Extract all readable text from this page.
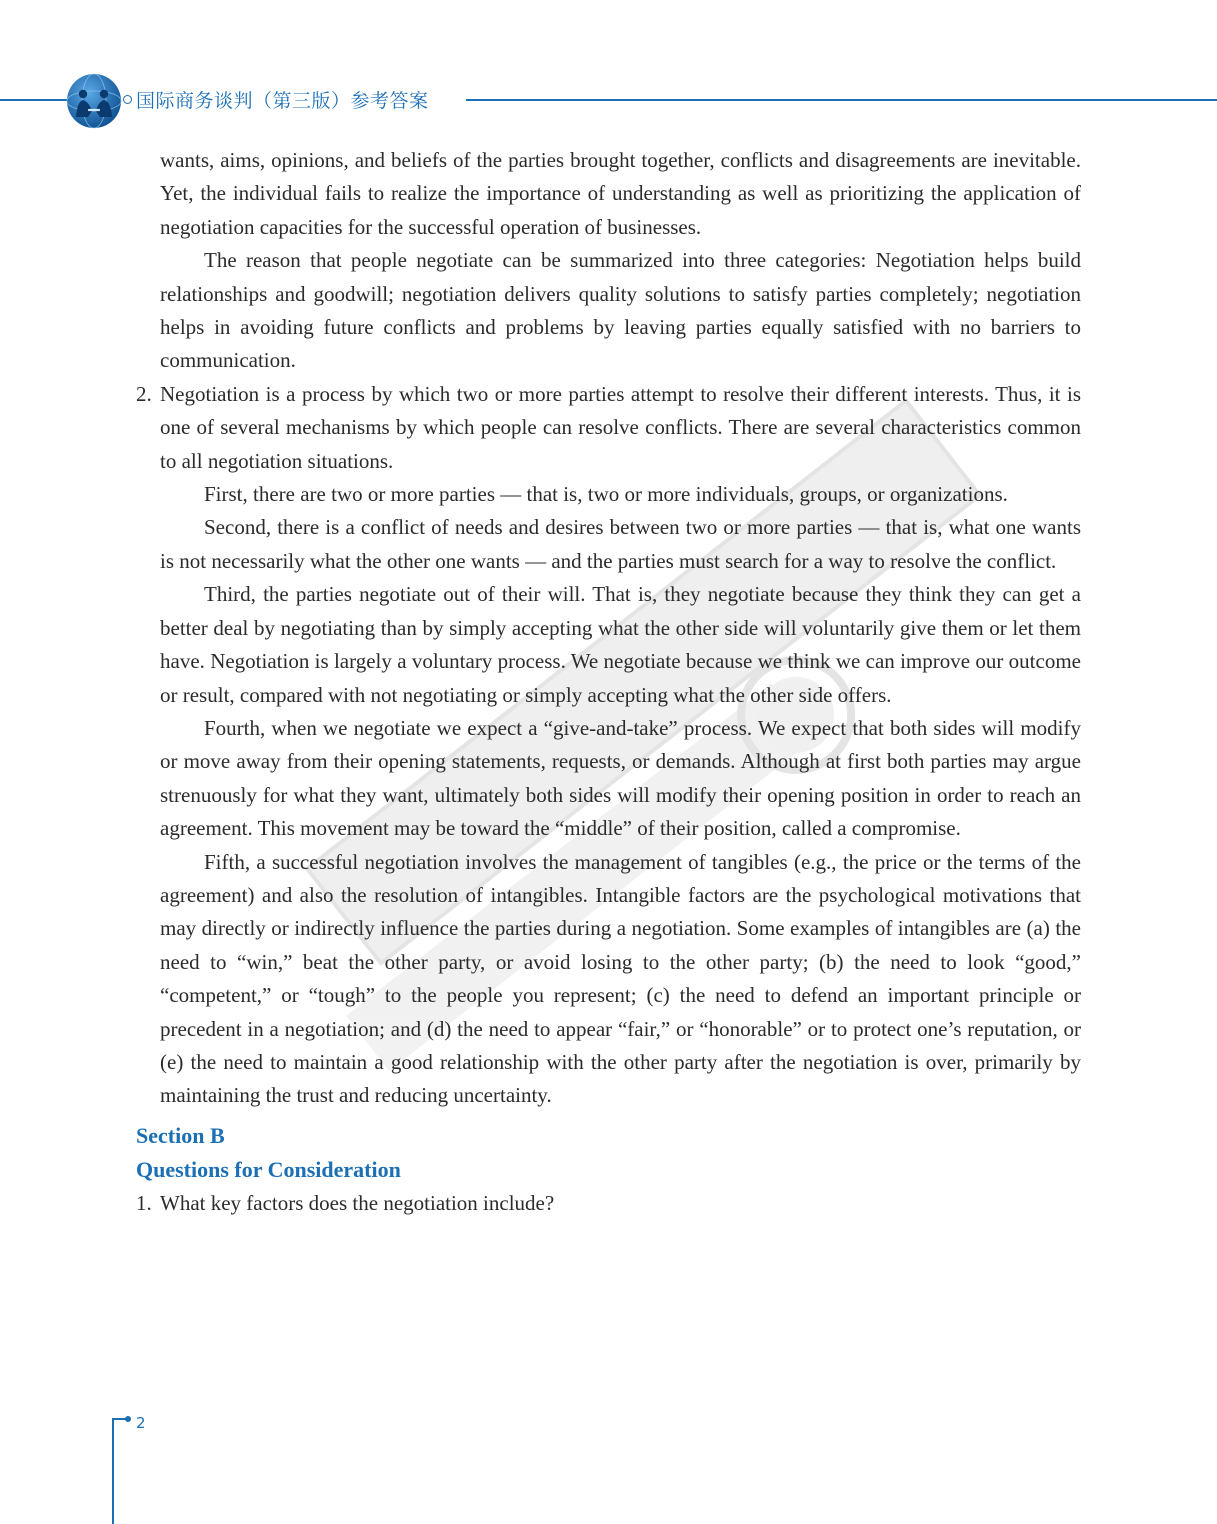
国际商务谈判（第三版）参考答案

wants, aims, opinions, and beliefs of the parties brought together, conflicts and disagreements are inevitable. Yet, the individual fails to realize the importance of understanding as well as prioritizing the application of negotiation capacities for the successful operation of businesses.

The reason that people negotiate can be summarized into three categories: Negotiation helps build relationships and goodwill; negotiation delivers quality solutions to satisfy parties completely; negotiation helps in avoiding future conflicts and problems by leaving parties equally satisfied with no barriers to communication.

2. Negotiation is a process by which two or more parties attempt to resolve their different interests. Thus, it is one of several mechanisms by which people can resolve conflicts. There are several characteristics common to all negotiation situations.

First, there are two or more parties — that is, two or more individuals, groups, or organizations.

Second, there is a conflict of needs and desires between two or more parties — that is, what one wants is not necessarily what the other one wants — and the parties must search for a way to resolve the conflict.

Third, the parties negotiate out of their will. That is, they negotiate because they think they can get a better deal by negotiating than by simply accepting what the other side will voluntarily give them or let them have. Negotiation is largely a voluntary process. We negotiate because we think we can improve our outcome or result, compared with not negotiating or simply accepting what the other side offers.

Fourth, when we negotiate we expect a “give-and-take” process. We expect that both sides will modify or move away from their opening statements, requests, or demands. Although at first both parties may argue strenuously for what they want, ultimately both sides will modify their opening position in order to reach an agreement. This movement may be toward the “middle” of their position, called a compromise.

Fifth, a successful negotiation involves the management of tangibles (e.g., the price or the terms of the agreement) and also the resolution of intangibles. Intangible factors are the psychological motivations that may directly or indirectly influence the parties during a negotiation. Some examples of intangibles are (a) the need to “win,” beat the other party, or avoid losing to the other party; (b) the need to look “good,” “competent,” or “tough” to the people you represent; (c) the need to defend an important principle or precedent in a negotiation; and (d) the need to appear “fair,” or “honorable” or to protect one’s reputation, or (e) the need to maintain a good relationship with the other party after the negotiation is over, primarily by maintaining the trust and reducing uncertainty.

Section B
Questions for Consideration
1. What key factors does the negotiation include?

2
